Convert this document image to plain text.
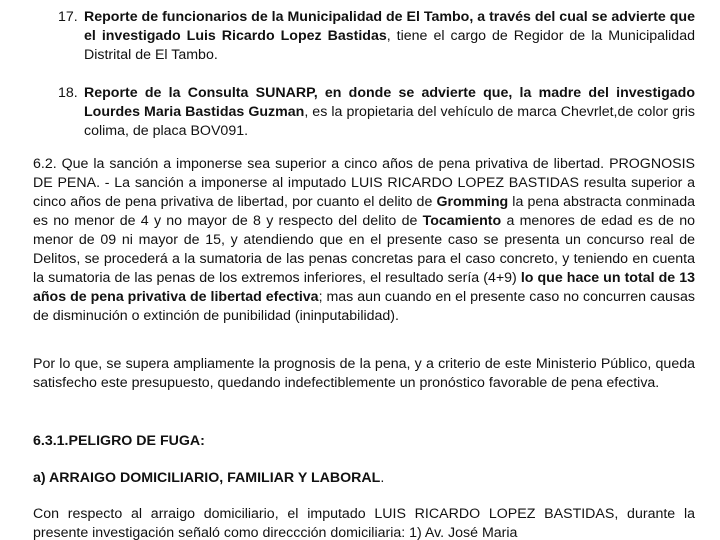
17. Reporte de funcionarios de la Municipalidad de El Tambo, a través del cual se advierte que el investigado Luis Ricardo Lopez Bastidas, tiene el cargo de Regidor de la Municipalidad Distrital de El Tambo.
18. Reporte de la Consulta SUNARP, en donde se advierte que, la madre del investigado Lourdes Maria Bastidas Guzman, es la propietaria del vehículo de marca Chevrlet,de color gris colima, de placa BOV091.
6.2. Que la sanción a imponerse sea superior a cinco años de pena privativa de libertad. PROGNOSIS DE PENA. - La sanción a imponerse al imputado LUIS RICARDO LOPEZ BASTIDAS resulta superior a cinco años de pena privativa de libertad, por cuanto el delito de Gromming la pena abstracta conminada es no menor de 4 y no mayor de 8 y respecto del delito de Tocamiento a menores de edad es de no menor de 09 ni mayor de 15, y atendiendo que en el presente caso se presenta un concurso real de Delitos, se procederá a la sumatoria de las penas concretas para el caso concreto, y teniendo en cuenta la sumatoria de las penas de los extremos inferiores, el resultado sería (4+9) lo que hace un total de 13 años de pena privativa de libertad efectiva; mas aun cuando en el presente caso no concurren causas de disminución o extinción de punibilidad (ininputabilidad).
Por lo que, se supera ampliamente la prognosis de la pena, y a criterio de este Ministerio Público, queda satisfecho este presupuesto, quedando indefectiblemente un pronóstico favorable de pena efectiva.
6.3.1.PELIGRO DE FUGA:
a) ARRAIGO DOMICILIARIO, FAMILIAR Y LABORAL.
Con respecto al arraigo domiciliario, el imputado LUIS RICARDO LOPEZ BASTIDAS, durante la presente investigación señaló como direccción domiciliaria: 1) Av. José Maria
